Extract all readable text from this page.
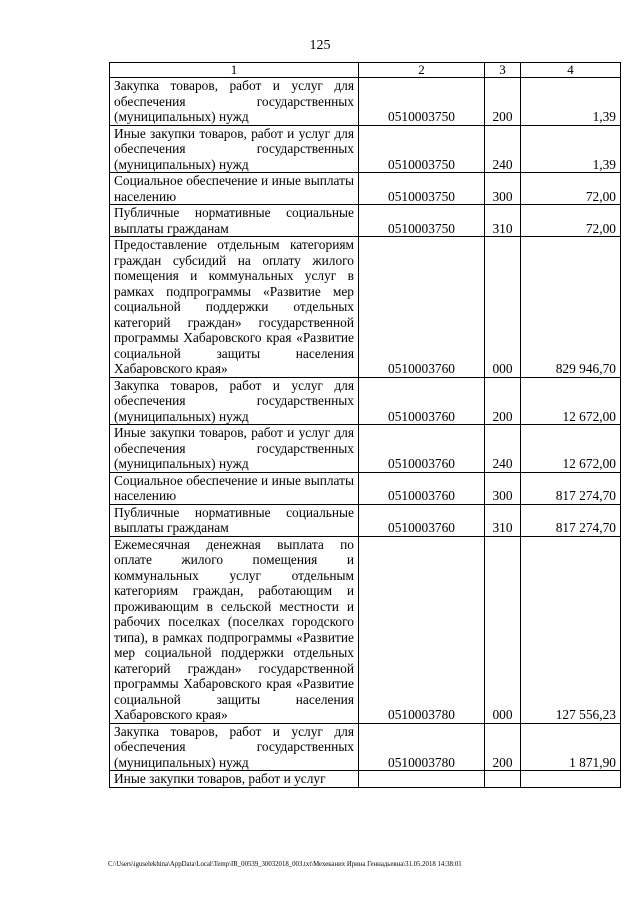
125
1	2	3	4
Закупка товаров, работ и услуг для обеспечения государственных (муниципальных) нужд	0510003750	200	1,39
Иные закупки товаров, работ и услуг для обеспечения государственных (муниципальных) нужд	0510003750	240	1,39
Социальное обеспечение и иные выплаты населению	0510003750	300	72,00
Публичные нормативные социальные выплаты гражданам	0510003750	310	72,00
Предоставление отдельным категориям граждан субсидий на оплату жилого помещения и коммунальных услуг в рамках подпрограммы «Развитие мер социальной поддержки отдельных категорий граждан» государственной программы Хабаровского края «Развитие социальной защиты населения Хабаровского края»	0510003760	000	829 946,70
Закупка товаров, работ и услуг для обеспечения государственных (муниципальных) нужд	0510003760	200	12 672,00
Иные закупки товаров, работ и услуг для обеспечения государственных (муниципальных) нужд	0510003760	240	12 672,00
Социальное обеспечение и иные выплаты населению	0510003760	300	817 274,70
Публичные нормативные социальные выплаты гражданам	0510003760	310	817 274,70
Ежемесячная денежная выплата по оплате жилого помещения и коммунальных услуг отдельным категориям граждан, работающим и проживающим в сельской местности и рабочих поселках (поселках городского типа), в рамках подпрограммы «Развитие мер социальной поддержки отдельных категорий граждан» государственной программы Хабаровского края «Развитие социальной защиты населения Хабаровского края»	0510003780	000	127 556,23
Закупка товаров, работ и услуг для обеспечения государственных (муниципальных) нужд	0510003780	200	1 871,90
Иные закупки товаров, работ и услуг			
C:\Users\iguselekhina\AppData\Local\Temp\IR_00539_30032018_003.txt\Мехеканих Ирина Геннадьевна\31.05.2018 14:38:01
